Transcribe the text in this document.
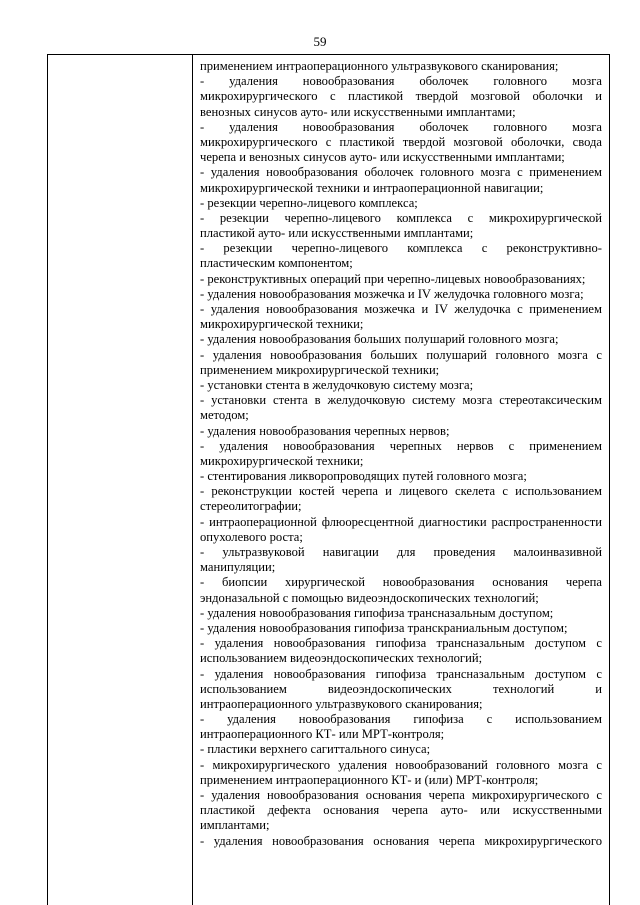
59
применением интраоперационного ультразвукового сканирования;
- удаления новообразования оболочек головного мозга
микрохирургического с пластикой твердой мозговой оболочки и
венозных синусов ауто- или искусственными имплантами;
- удаления новообразования оболочек головного мозга
микрохирургического с пластикой твердой мозговой оболочки, свода
черепа и венозных синусов ауто- или искусственными имплантами;
- удаления новообразования оболочек головного мозга с применением
микрохирургической техники и интраоперационной навигации;
- резекции черепно-лицевого комплекса;
- резекции черепно-лицевого комплекса с микрохирургической
пластикой ауто- или искусственными имплантами;
- резекции черепно-лицевого комплекса с реконструктивно-
пластическим компонентом;
- реконструктивных операций при черепно-лицевых новообразованиях;
- удаления новообразования мозжечка и IV желудочка головного мозга;
- удаления новообразования мозжечка и IV желудочка с применением
микрохирургической техники;
- удаления новообразования больших полушарий головного мозга;
- удаления новообразования больших полушарий головного мозга с
применением микрохирургической техники;
- установки стента в желудочковую систему мозга;
- установки стента в желудочковую систему мозга стереотаксическим
методом;
- удаления новообразования черепных нервов;
- удаления новообразования черепных нервов с применением
микрохирургической техники;
- стентирования ликворопроводящих путей головного мозга;
- реконструкции костей черепа и лицевого скелета с использованием
стереолитографии;
- интраоперационной флюоресцентной диагностики распространенности
опухолевого роста;
- ультразвуковой навигации для проведения малоинвазивной
манипуляции;
- биопсии хирургической новообразования основания черепа
эндоназальной с помощью видеоэндоскопических технологий;
- удаления новообразования гипофиза трансназальным доступом;
- удаления новообразования гипофиза транскраниальным доступом;
- удаления новообразования гипофиза трансназальным доступом с
использованием видеоэндоскопических технологий;
- удаления новообразования гипофиза трансназальным доступом с
использованием видеоэндоскопических технологий и
интраоперационного ультразвукового сканирования;
- удаления новообразования гипофиза с использованием
интраоперационного КТ- или МРТ-контроля;
- пластики верхнего сагиттального синуса;
- микрохирургического удаления новообразований головного мозга с
применением интраоперационного КТ- и (или) МРТ-контроля;
- удаления новообразования основания черепа микрохирургического с
пластикой дефекта основания черепа ауто- или искусственными
имплантами;
- удаления новообразования основания черепа микрохирургического
